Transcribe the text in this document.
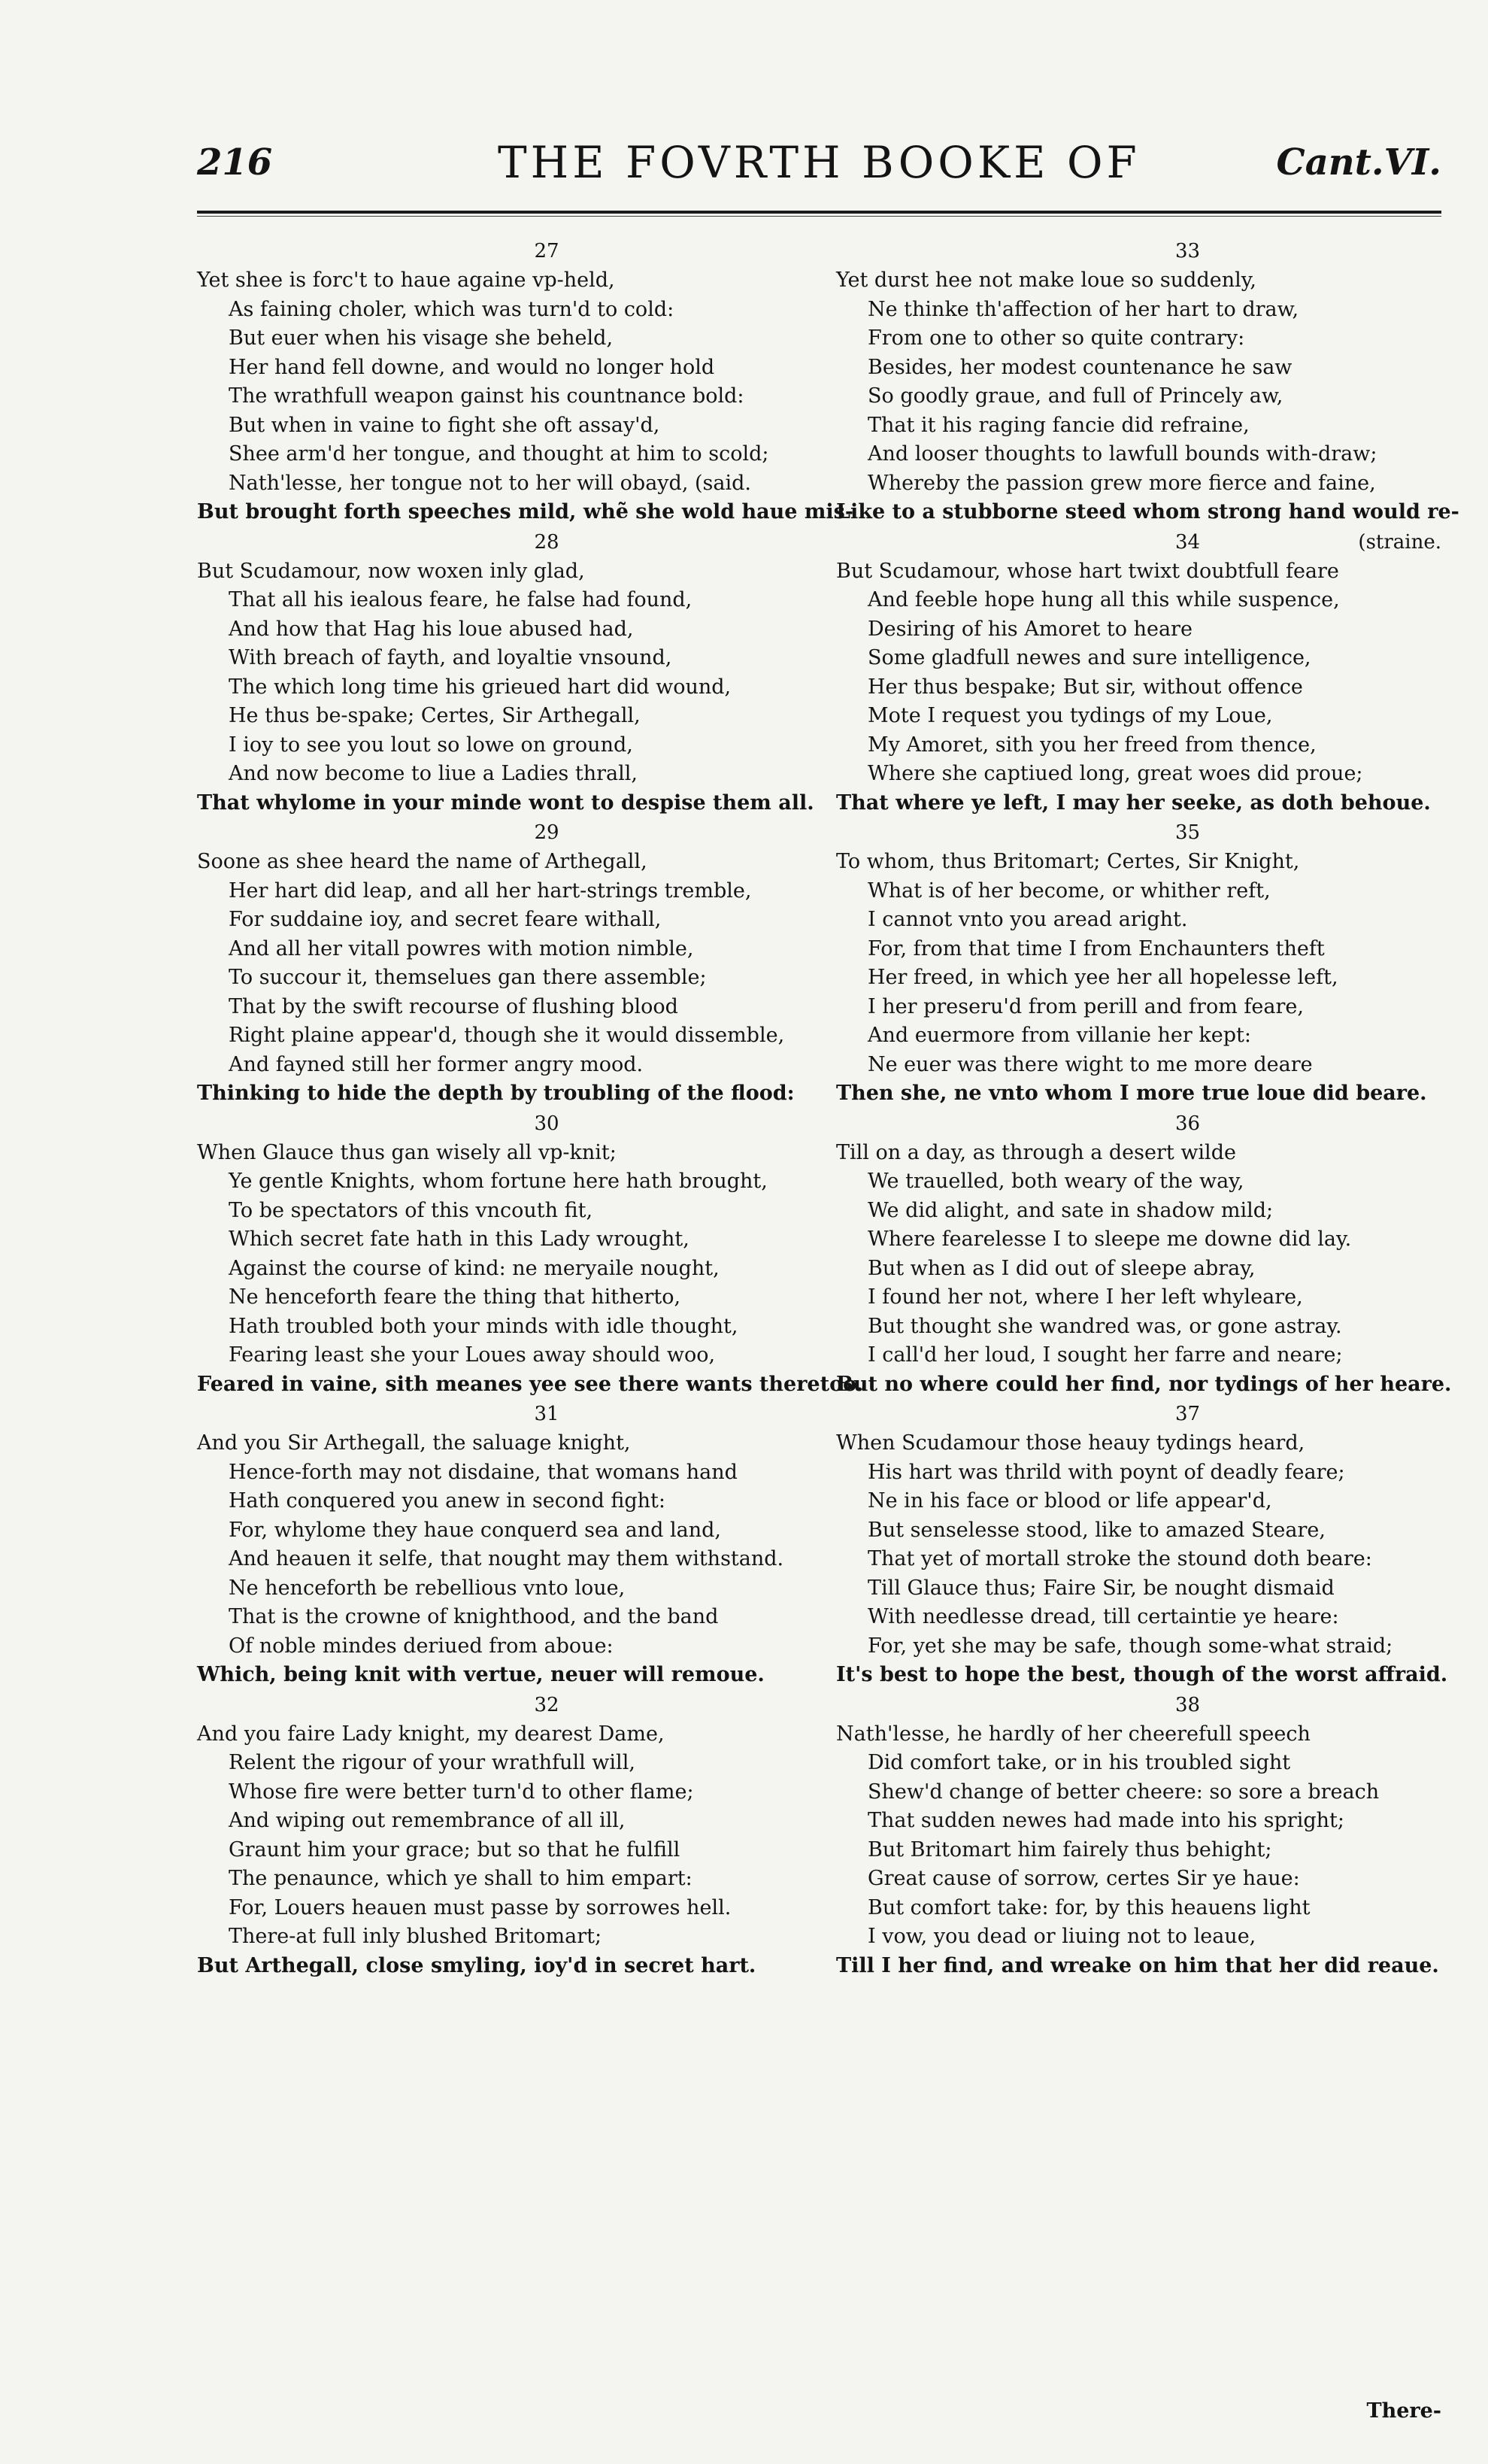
216	THE FOVRTH BOOKE OF	Cant.VI.
27
Yet shee is forc't to haue againe vp-held,
As faining choler, which was turn'd to cold:
But euer when his visage she beheld,
Her hand fell downe, and would no longer hold
The wrathfull weapon gainst his countnance bold:
But when in vaine to fight she oft assay'd,
Shee arm'd her tongue, and thought at him to scold;
Nath'lesse, her tongue not to her will obayd, (said.
But brought forth speeches mild, whẽ she wold haue mis-
28
But Scudamour, now woxen inly glad,
That all his iealous feare, he false had found,
And how that Hag his loue abused had,
With breach of fayth, and loyaltie vnsound,
The which long time his grieued hart did wound,
He thus be-spake; Certes, Sir Arthegall,
I ioy to see you lout so lowe on ground,
And now become to liue a Ladies thrall,
That whylome in your minde wont to despise them all.
29
Soone as shee heard the name of Arthegall,
Her hart did leap, and all her hart-strings tremble,
For suddaine ioy, and secret feare withall,
And all her vitall powres with motion nimble,
To succour it, themselues gan there assemble;
That by the swift recourse of flushing blood
Right plaine appear'd, though she it would dissemble,
And fayned still her former angry mood.
Thinking to hide the depth by troubling of the flood:
30
When Glauce thus gan wisely all vp-knit;
Ye gentle Knights, whom fortune here hath brought,
To be spectators of this vncouth fit,
Which secret fate hath in this Lady wrought,
Against the course of kind: ne merуaile nought,
Ne henceforth feare the thing that hitherto,
Hath troubled both your minds with idle thought,
Fearing least she your Loues away should woo,
Feared in vaine, sith meanes yee see there wants theretoo.
31
And you Sir Arthegall, the saluage knight,
Hence-forth may not disdaine, that womans hand
Hath conquered you anew in second fight:
For, whylome they haue conquerd sea and land,
And heauen it selfe, that nought may them withstand.
Ne henceforth be rebellious vnto loue,
That is the crowne of knighthood, and the band
Of noble mindes deriued from aboue:
Which, being knit with vertue, neuer will remoue.
32
And you faire Lady knight, my dearest Dame,
Relent the rigour of your wrathfull will,
Whose fire were better turn'd to other flame;
And wiping out remembrance of all ill,
Graunt him your grace; but so that he fulfill
The penaunce, which ye shall to him empart:
For, Louers heauen must passe by sorrowes hell.
There-at full inly blushed Britomart;
But Arthegall, close smyling, ioy'd in secret hart.
33
Yet durst hee not make loue so suddenly,
Ne thinke th'affection of her hart to draw,
From one to other so quite contrary:
Besides, her modest countenance he saw
So goodly graue, and full of Princely aw,
That it his raging fancie did refraine,
And looser thoughts to lawfull bounds with-draw;
Whereby the passion grew more fierce and faine,
Like to a stubborne steed whom strong hand would re-
34	(straine.
But Scudamour, whose hart twixt doubtfull feare
And feeble hope hung all this while suspence,
Desiring of his Amoret to heare
Some gladfull newes and sure intelligence,
Her thus bespake; But sir, without offence
Mote I request you tydings of my Loue,
My Amoret, sith you her freed from thence,
Where she captiued long, great woes did proue;
That where ye left, I may her seeke, as doth behoue.
35
To whom, thus Britomart; Certes, Sir Knight,
What is of her become, or whither reft,
I cannot vnto you aread aright.
For, from that time I from Enchaunters theft
Her freed, in which yee her all hopelesse left,
I her preseru'd from perill and from feare,
And euermore from villanie her kept:
Ne euer was there wight to me more deare
Then she, ne vnto whom I more true loue did beare.
36
Till on a day, as through a desert wilde
We trauelled, both weary of the way,
We did alight, and sate in shadow mild;
Where fearelesse I to sleepe me downe did lay.
But when as I did out of sleepe abray,
I found her not, where I her left whyleare,
But thought she wandred was, or gone astray.
I call'd her loud, I sought her farre and neare;
But no where could her find, nor tydings of her heare.
37
When Scudamour those heauy tydings heard,
His hart was thrild with poynt of deadly feare;
Ne in his face or blood or life appear'd,
But senselesse stood, like to amazed Steare,
That yet of mortall stroke the stound doth beare:
Till Glauce thus; Faire Sir, be nought dismaid
With needlesse dread, till certaintie ye heare:
For, yet she may be safe, though some-what straid;
It's best to hope the best, though of the worst affraid.
38
Nath'lesse, he hardly of her cheerefull speech
Did comfort take, or in his troubled sight
Shew'd change of better cheere: so sore a breach
That sudden newes had made into his spright;
But Britomart him fairely thus behight;
Great cause of sorrow, certes Sir ye haue:
But comfort take: for, by this heauens light
I vow, you dead or liuing not to leaue,
Till I her find, and wreake on him that her did reaue.
There-
